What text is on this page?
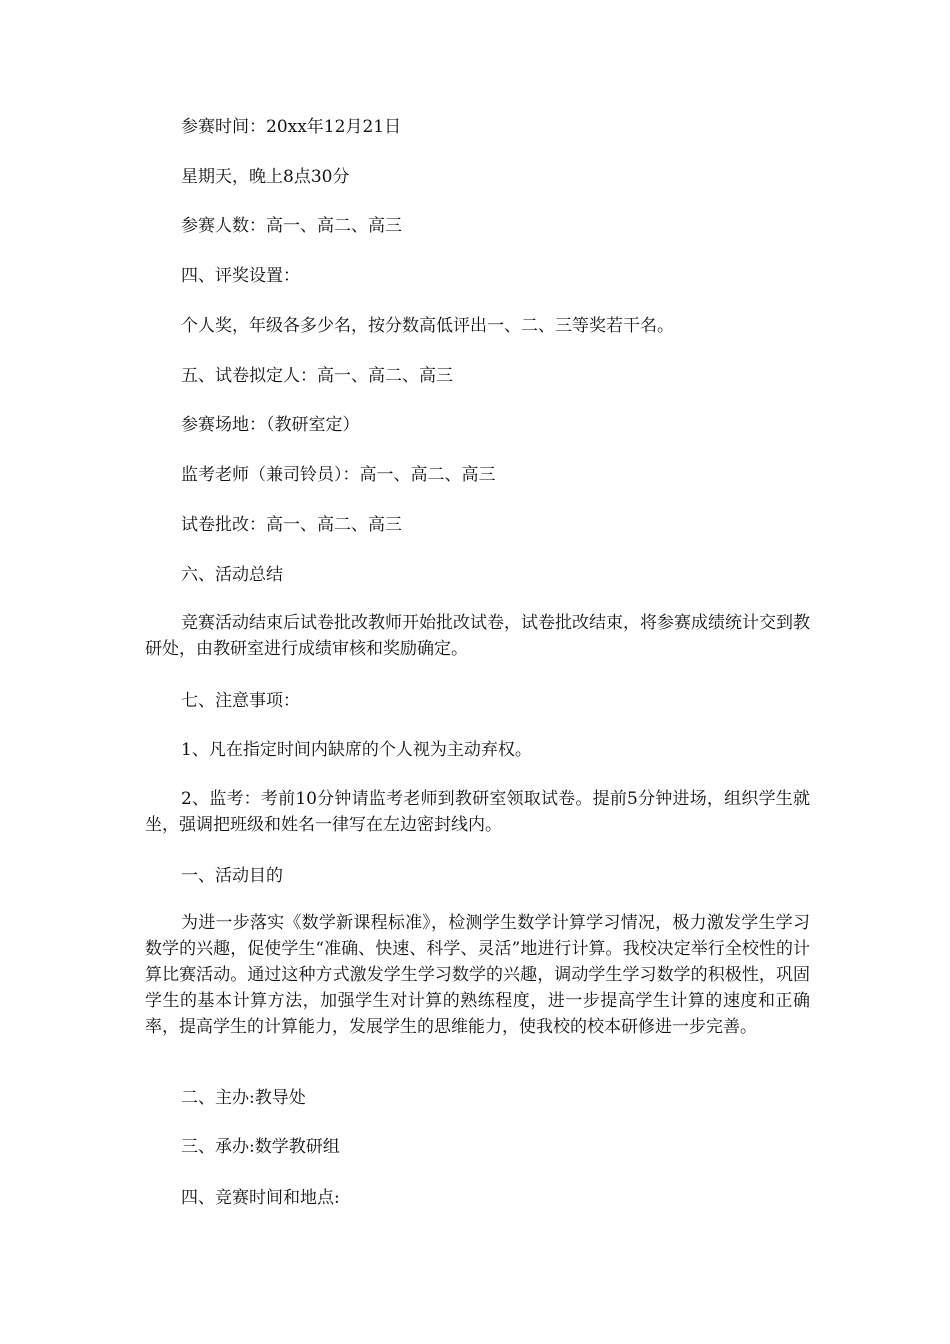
参赛时间：20xx年12月21日

星期天，晚上8点30分

参赛人数：高一、高二、高三

四、评奖设置：

个人奖，年级各多少名，按分数高低评出一、二、三等奖若干名。

五、试卷拟定人：高一、高二、高三

参赛场地：（教研室定）

监考老师（兼司铃员）：高一、高二、高三

试卷批改：高一、高二、高三

六、活动总结

竞赛活动结束后试卷批改教师开始批改试卷，试卷批改结束，将参赛成绩统计交到教研处，由教研室进行成绩审核和奖励确定。

七、注意事项：

1、凡在指定时间内缺席的个人视为主动弃权。

2、监考：考前10分钟请监考老师到教研室领取试卷。提前5分钟进场，组织学生就坐，强调把班级和姓名一律写在左边密封线内。

一、活动目的

为进一步落实《数学新课程标准》，检测学生数学计算学习情况，极力激发学生学习数学的兴趣，促使学生“准确、快速、科学、灵活”地进行计算。我校决定举行全校性的计算比赛活动。通过这种方式激发学生学习数学的兴趣，调动学生学习数学的积极性，巩固学生的基本计算方法，加强学生对计算的熟练程度，进一步提高学生计算的速度和正确率，提高学生的计算能力，发展学生的思维能力，使我校的校本研修进一步完善。

二、主办:教导处

三、承办:数学教研组

四、竞赛时间和地点:
